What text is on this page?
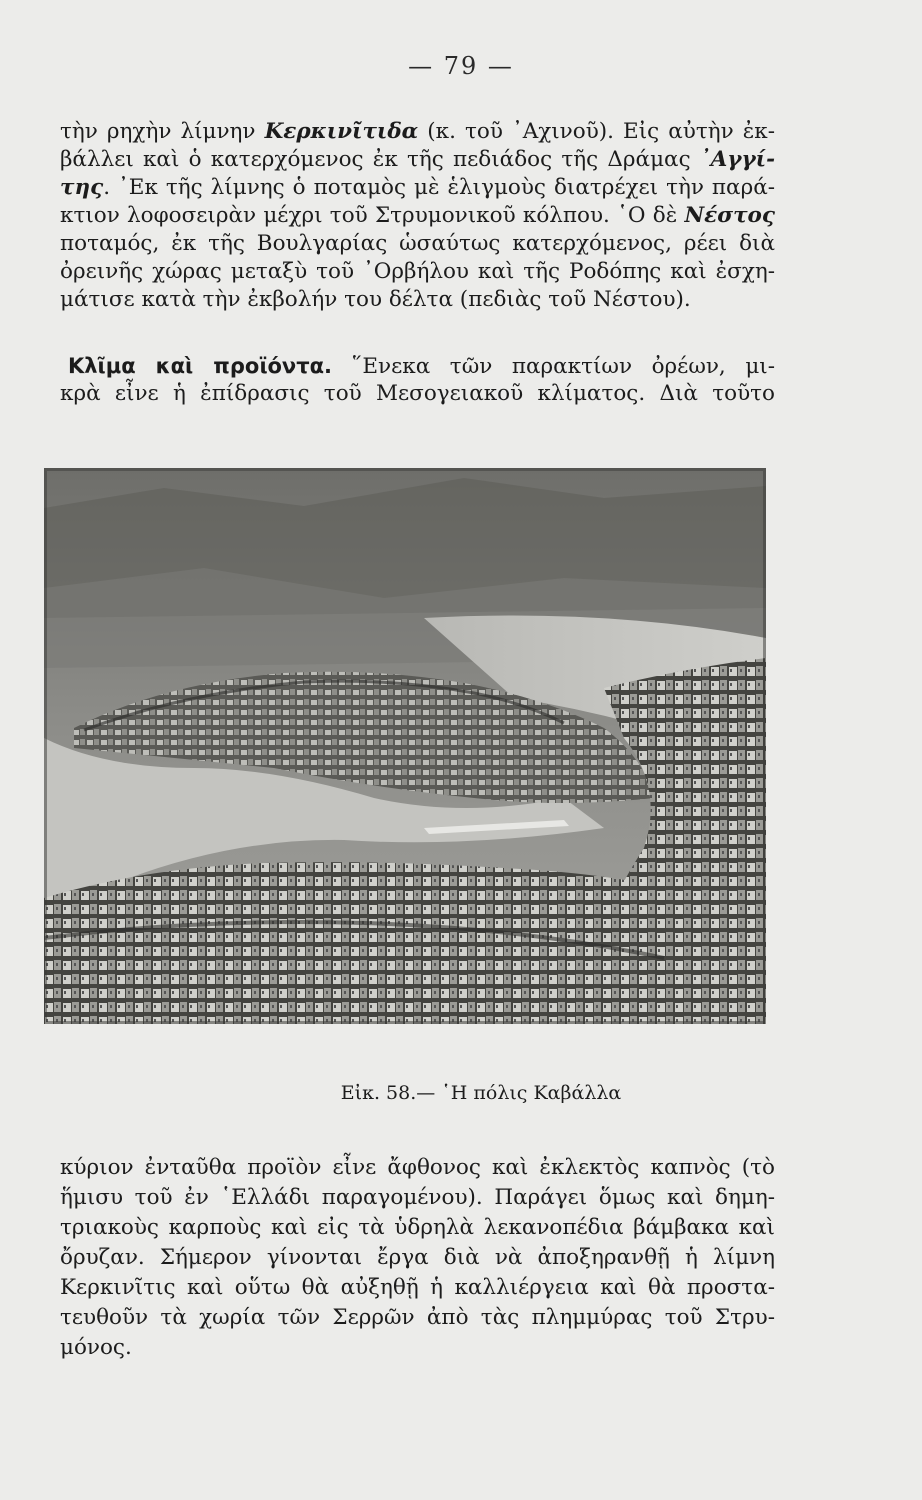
— 79 —
τὴν ρηχὴν λίμνην Κερκινῖτιδα (κ. τοῦ ᾿Αχινοῦ). Εἰς αὐτὴν ἐκ-
βάλλει καὶ ὁ κατερχόμενος ἐκ τῆς πεδιάδος τῆς Δράμας ᾿Αγγί-
της. ᾿Εκ τῆς λίμνης ὁ ποταμὸς μὲ ἑλιγμοὺς διατρέχει τὴν παρά-
κτιον λοφοσειρὰν μέχρι τοῦ Στρυμονικοῦ κόλπου. ῾Ο δὲ Νέστος
ποταμός, ἐκ τῆς Βουλγαρίας ὡσαύτως κατερχόμενος, ρέει διὰ
ὀρεινῆς χώρας μεταξὺ τοῦ ᾿Ορβήλου καὶ τῆς Ροδόπης καὶ ἐσχη-
μάτισε κατὰ τὴν ἐκβολήν του δέλτα (πεδιὰς τοῦ Νέστου).
Κλῖμα καὶ προϊόντα. ῞Ενεκα τῶν παρακτίων ὀρέων, μι-
κρὰ εἶνε ἡ ἐπίδρασις τοῦ Μεσογειακοῦ κλίματος. Διὰ τοῦτο
Εἰκ. 58.— ῾Η πόλις Καβάλλα
κύριον ἐνταῦθα προϊὸν εἶνε ἄφθονος καὶ ἐκλεκτὸς καπνὸς (τὸ
ἥμισυ τοῦ ἐν ῾Ελλάδι παραγομένου). Παράγει ὅμως καὶ δημη-
τριακοὺς καρποὺς καὶ εἰς τὰ ὑδρηλὰ λεκανοπέδια βάμβακα καὶ
ὄρυζαν. Σήμερον γίνονται ἔργα διὰ νὰ ἀποξηρανθῇ ἡ λίμνη
Κερκινῖτις καὶ οὕτω θὰ αὐξηθῇ ἡ καλλιέργεια καὶ θὰ προστα-
τευθοῦν τὰ χωρία τῶν Σερρῶν ἀπὸ τὰς πλημμύρας τοῦ Στρυ-
μόνος.
